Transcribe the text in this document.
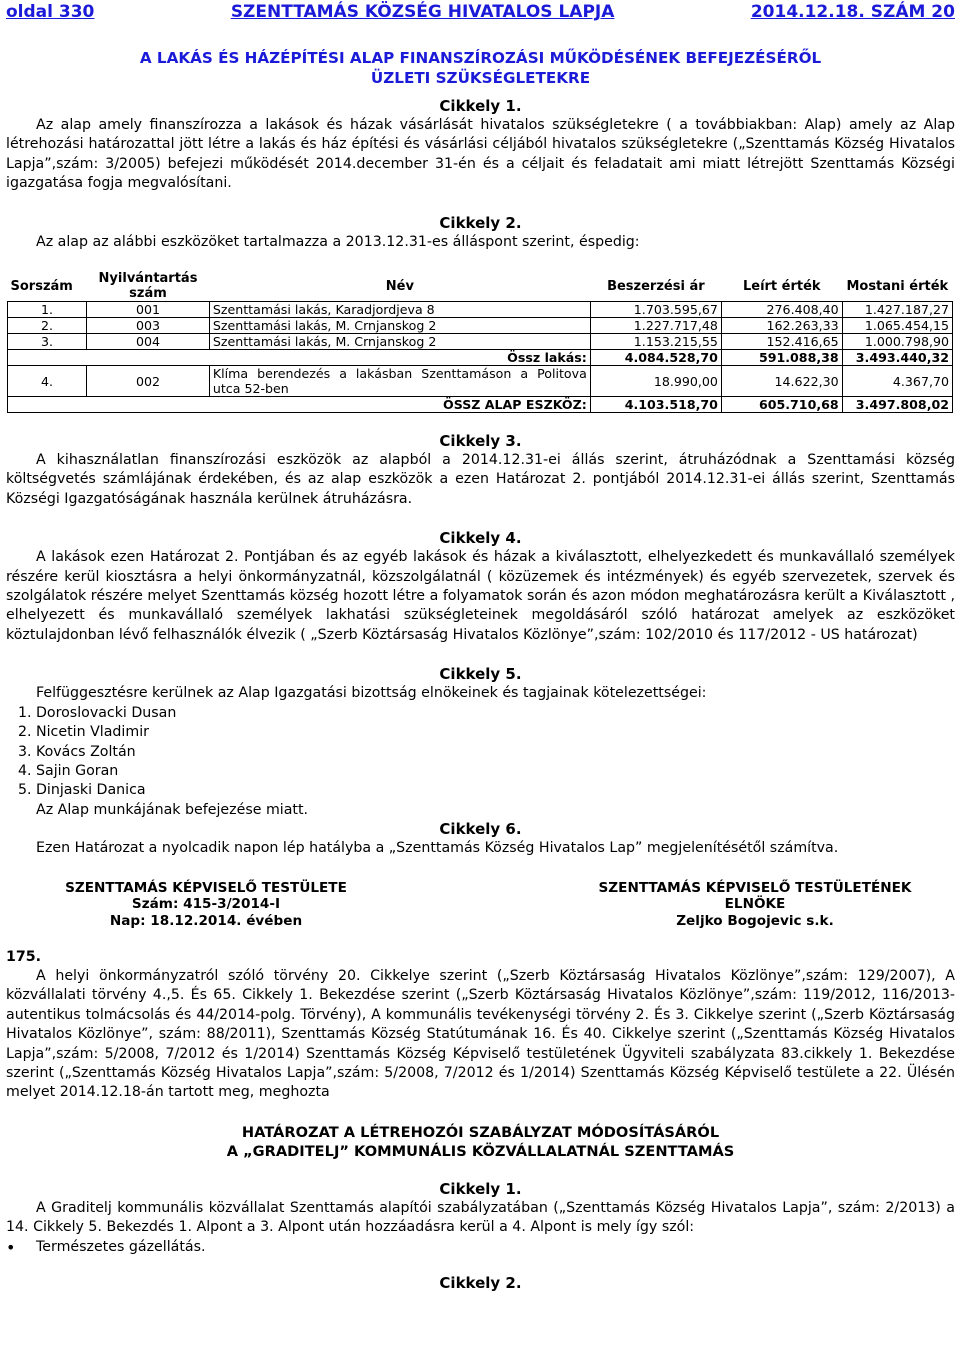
oldal 330	SZENTTAMÁS KÖZSÉG HIVATALOS LAPJA	2014.12.18. SZÁM 20
A LAKÁS ÉS HÁZÉPÍTÉSI ALAP FINANSZÍROZÁSI MŰKÖDÉSÉNEK BEFEJEZÉSÉRŐL ÜZLETI SZÜKSÉGLETEKRE
Cikkely 1.

Az alap amely finanszírozza a lakások és házak vásárlását hivatalos szükségletekre ( a továbbiakban: Alap) amely az Alap létrehozási határozattal jött létre a lakás és ház építési és vásárlási céljából hivatalos szükségletekre („Szenttamás Község Hivatalos Lapja”,szám: 3/2005) befejezi működését 2014.december 31-én és a céljait és feladatait ami miatt létrejött Szenttamás Községi igazgatása fogja megvalósítani.

Cikkely 2.

Az alap az alábbi eszközöket tartalmazza a 2013.12.31-es álláspont szerint, éspedig:

Sorszám	Nyilvántartás szám	Név	Beszerzési ár	Leírt érték	Mostani érték
1.	001	Szenttamási lakás, Karadjordjeva 8	1.703.595,67	276.408,40	1.427.187,27
2.	003	Szenttamási lakás, M. Crnjanskog 2	1.227.717,48	162.263,33	1.065.454,15
3.	004	Szenttamási lakás, M. Crnjanskog 2	1.153.215,55	152.416,65	1.000.798,90
Össz lakás:			4.084.528,70	591.088,38	3.493.440,32
4.	002	Klíma berendezés a lakásban Szenttamáson a Politova utca 52-ben	18.990,00	14.622,30	4.367,70
ÖSSZ ALAP ESZKÖZ:			4.103.518,70	605.710,68	3.497.808,02
Cikkely 3.

A kihasználatlan finanszírozási eszközök az alapból a 2014.12.31-ei állás szerint, átruházódnak a Szenttamási község költségvetés számlájának érdekében, és az alap eszközök a ezen Határozat 2. pontjából 2014.12.31-ei állás szerint, Szenttamás Községi Igazgatóságának használa kerülnek átruházásra.

Cikkely 4.

A lakások ezen Határozat 2. Pontjában és az egyéb lakások és házak a kiválasztott, elhelyezkedett és munkavállaló személyek részére kerül kiosztásra a helyi önkormányzatnál, közszolgálatnál ( közüzemek és intézmények) és egyéb szervezetek, szervek és szolgálatok részére melyet Szenttamás község hozott létre a folyamatok során és azon módon meghatározásra került a Kiválasztott , elhelyezett és munkavállaló személyek lakhatási szükségleteinek megoldásáról szóló határozat amelyek az eszközöket köztulajdonban lévő felhasználók élvezik ( „Szerb Köztársaság Hivatalos Közlönye”,szám: 102/2010 és 117/2012 - US határozat)

Cikkely 5.

Felfüggesztésre kerülnek az Alap Igazgatási bizottság elnökeinek és tagjainak kötelezettségei:

1. Doroslovacki Dusan
2. Nicetin Vladimir
3. Kovács Zoltán
4. Sajin Goran
5. Dinjaski Danica

Az Alap munkájának befejezése miatt.

Cikkely 6.

Ezen Határozat a nyolcadik napon lép hatályba a „Szenttamás Község Hivatalos Lap” megjelenítésétől számítva.

SZENTTAMÁS KÉPVISELŐ TESTÜLETE
Szám: 415-3/2014-I
Nap: 18.12.2014. évében
SZENTTAMÁS KÉPVISELŐ TESTÜLETÉNEK
ELNÖKE
Zeljko Bogojevic s.k.
175.

A helyi önkormányzatról szóló törvény 20. Cikkelye szerint („Szerb Köztársaság Hivatalos Közlönye”,szám: 129/2007), A közvállalati törvény 4.,5. És 65. Cikkely 1. Bekezdése szerint („Szerb Köztársaság Hivatalos Közlönye”,szám: 119/2012, 116/2013-autentikus tolmácsolás és 44/2014-polg. Törvény), A kommunális tevékenységi törvény 2. És 3. Cikkelye szerint („Szerb Köztársaság Hivatalos Közlönye”, szám: 88/2011), Szenttamás Község Statútumának 16. És 40. Cikkelye szerint („Szenttamás Község Hivatalos Lapja”,szám: 5/2008, 7/2012 és 1/2014) Szenttamás Község Képviselő testületének Ügyviteli szabályzata 83.cikkely 1. Bekezdése szerint („Szenttamás Község Hivatalos Lapja”,szám: 5/2008, 7/2012 és 1/2014) Szenttamás Község Képviselő testülete a 22. Ülésén melyet 2014.12.18-án tartott meg, meghozta

HATÁROZAT A LÉTREHOZÓI SZABÁLYZAT MÓDOSÍTÁSÁRÓL
A „GRADITELJ” KOMMUNÁLIS KÖZVÁLLALATNÁL SZENTTAMÁS
Cikkely 1.

A Graditelj kommunális közvállalat Szenttamás alapítói szabályzatában („Szenttamás Község Hivatalos Lapja”, szám: 2/2013) a 14. Cikkely 5. Bekezdés 1. Alpont a 3. Alpont után hozzáadásra kerül a 4. Alpont is mely így szól:

•	Természetes gázellátás.
Cikkely 2.
